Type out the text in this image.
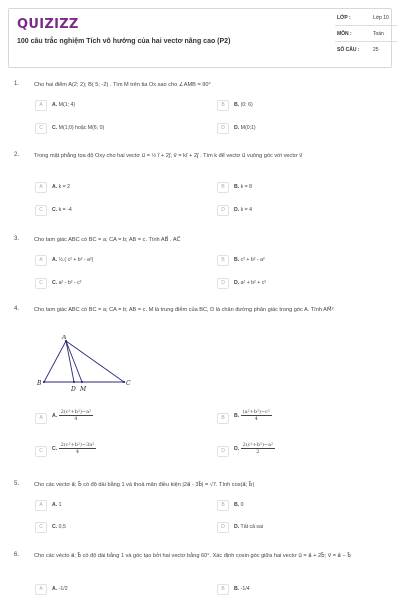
QUIZIZZ
100 câu trắc nghiệm Tích vô hướng của hai vectơ nâng cao (P2)
LỚP :	Lớp 10
MÔN :	Toán
SỐ CÂU :	25
1.	Cho hai điểm A(2; 2); B( 5; -2) . Tìm M trên tia Ox sao cho ∠AMB = 90°
A	A. M(1; 4)	B	B. (0; 6)
C	C. M(1;0) hoặc M(6; 0)	D	D. M(0;1)
2.	Trong mặt phẳng tọa độ Oxy cho hai vectơ u⃗ = ½ i⃗ + 2j⃗; v⃗ = ki⃗ + 2j⃗ . Tìm k để vectơ u⃗ vuông góc với vectơ v⃗
A	A. k = 2	B	B. k = 8
C	C. k = -4	D	D. k = 4
3.	Cho tam giác ABC có BC = a; CA = b; AB = c. Tính AB⃗ . AC⃗
A	A. ½.( c² + b² - a²)	B	B. c² + b² - a²
C	C. a² - b² - c²	D	D. a² + b² + c²
4.	Cho tam giác ABC có BC = a; CA = b; AB = c. M là trung điểm của BC, D là chân đường phân giác trong góc A. Tính AM⃗²
A
B	C
D M
A	A. $\frac{\text{2(c²+b²)−a²}}{4}$	B	B. $\frac{\text{(a²+b²)−c²}}{4}$
C	C. $\frac{\text{2(c²+b²)−3a²}}{4}$	D	D. $\frac{\text{2(c²+b²)−a²}}{2}$
5.	Cho các vectơ a⃗; b⃗ có độ dài bằng 1 và thoả mãn điều kiện |2a⃗ - 3b⃗| = √7. Tính cos(a⃗; b⃗)
A	A. 1	B	B. 0
C	C. 0,5	D	D. Tất cả sai
6.	Cho các vécto a⃗; b⃗ có độ dài bằng 1 và góc tạo bởi hai vectơ bằng 60°. Xác định cosin góc giữa hai vectơ u⃗ = a⃗ + 2b⃗; v⃗ = a⃗ − b⃗
A	A. -1/2	B	B. -1/4
